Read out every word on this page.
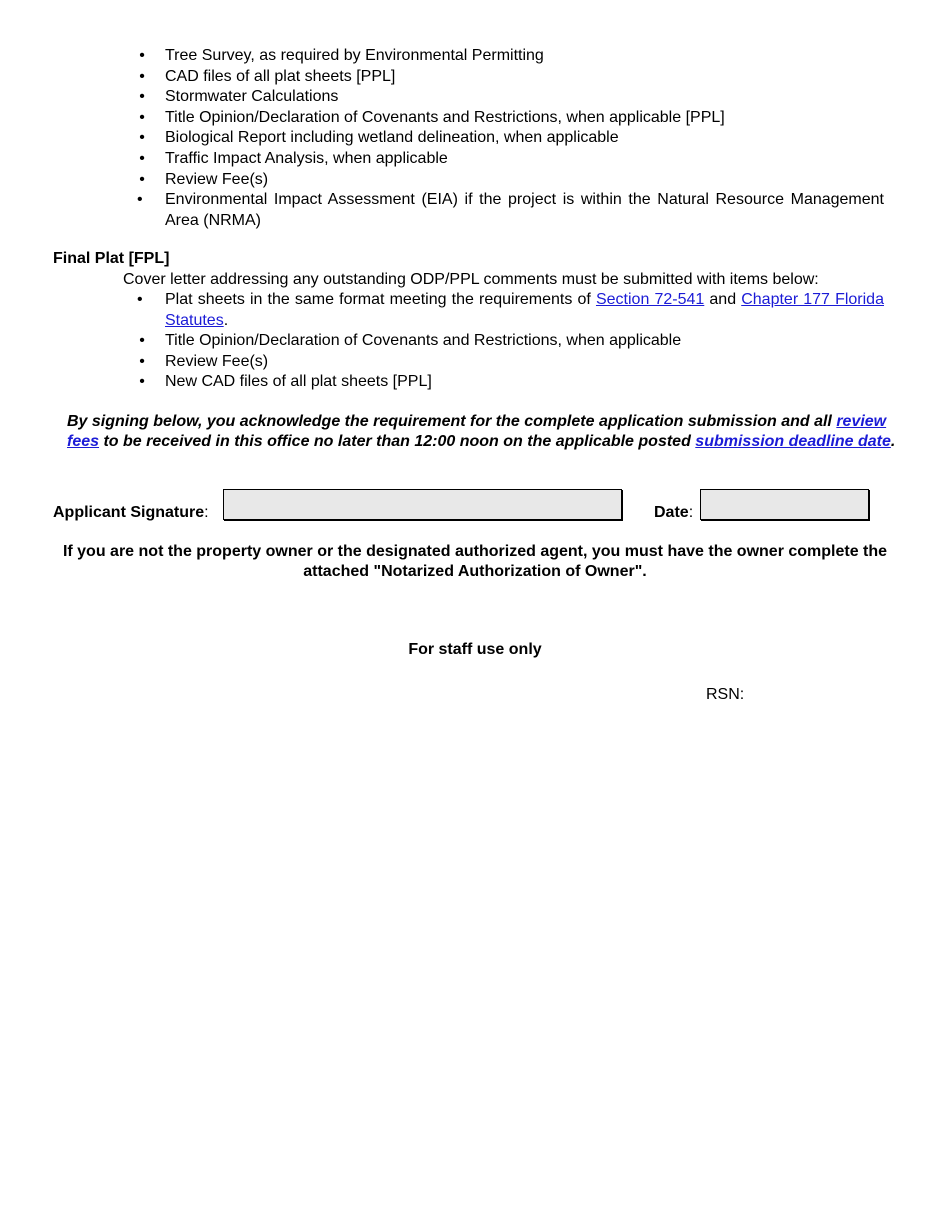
• Tree Survey, as required by Environmental Permitting
• CAD files of all plat sheets [PPL]
• Stormwater Calculations
• Title Opinion/Declaration of Covenants and Restrictions, when applicable [PPL]
• Biological Report including wetland delineation, when applicable
• Traffic Impact Analysis, when applicable
• Review Fee(s)
• Environmental Impact Assessment (EIA) if the project is within the Natural Resource Management Area (NRMA)
Final Plat [FPL]
Cover letter addressing any outstanding ODP/PPL comments must be submitted with items below:
• Plat sheets in the same format meeting the requirements of Section 72-541 and Chapter 177 Florida Statutes.
• Title Opinion/Declaration of Covenants and Restrictions, when applicable
• Review Fee(s)
• New CAD files of all plat sheets [PPL]
By signing below, you acknowledge the requirement for the complete application submission and all review fees to be received in this office no later than 12:00 noon on the applicable posted submission deadline date.
Applicant Signature:	Date:
If you are not the property owner or the designated authorized agent, you must have the owner complete the attached "Notarized Authorization of Owner".
For staff use only
RSN:
